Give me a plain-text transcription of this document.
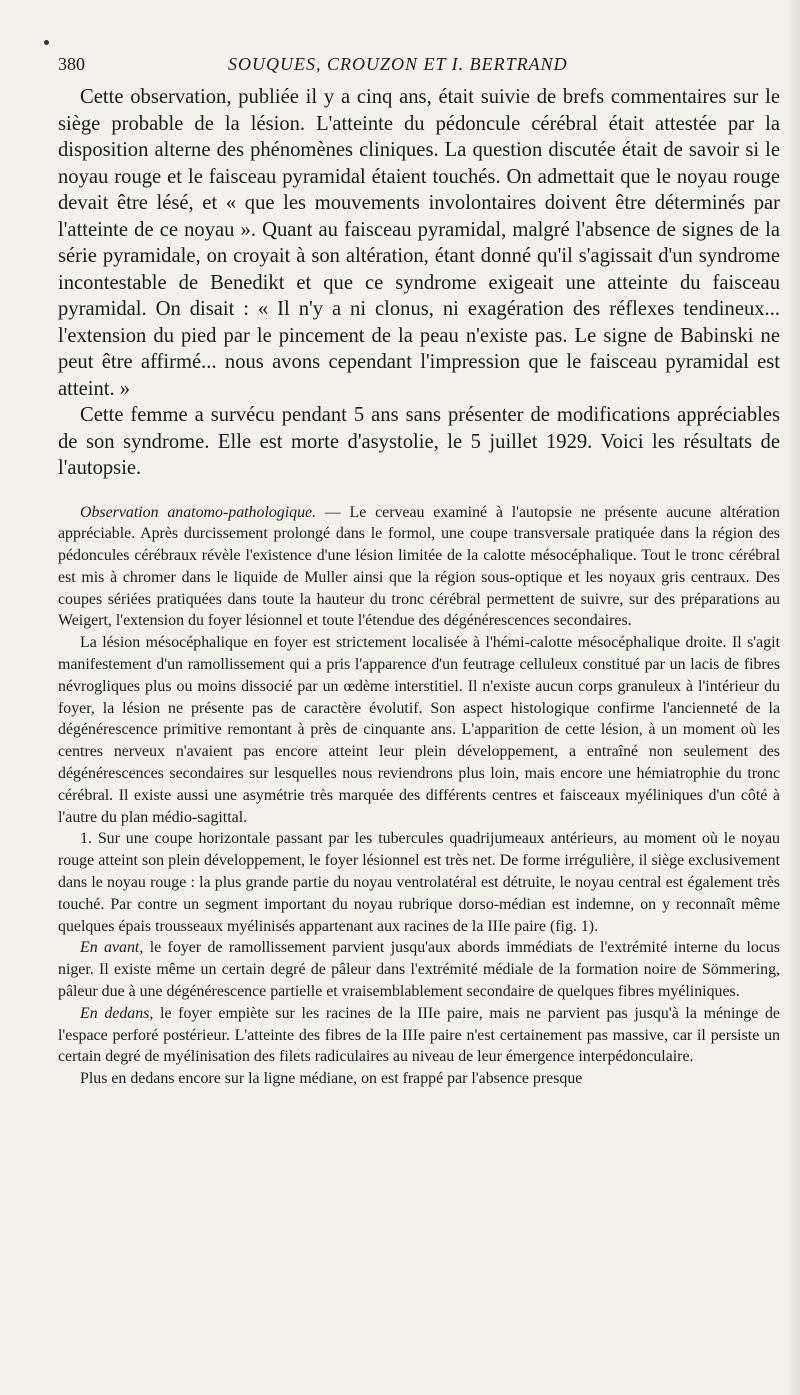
380	SOUQUES, CROUZON ET I. BERTRAND

Cette observation, publiée il y a cinq ans, était suivie de brefs commentaires sur le siège probable de la lésion. L'atteinte du pédoncule cérébral était attestée par la disposition alterne des phénomènes cliniques. La question discutée était de savoir si le noyau rouge et le faisceau pyramidal étaient touchés. On admettait que le noyau rouge devait être lésé, et « que les mouvements involontaires doivent être déterminés par l'atteinte de ce noyau ». Quant au faisceau pyramidal, malgré l'absence de signes de la série pyramidale, on croyait à son altération, étant donné qu'il s'agissait d'un syndrome incontestable de Benedikt et que ce syndrome exigeait une atteinte du faisceau pyramidal. On disait : « Il n'y a ni clonus, ni exagération des réflexes tendineux... l'extension du pied par le pincement de la peau n'existe pas. Le signe de Babinski ne peut être affirmé... nous avons cependant l'impression que le faisceau pyramidal est atteint. »

Cette femme a survécu pendant 5 ans sans présenter de modifications appréciables de son syndrome. Elle est morte d'asystolie, le 5 juillet 1929. Voici les résultats de l'autopsie.

Observation anatomo-pathologique. — Le cerveau examiné à l'autopsie ne présente aucune altération appréciable. Après durcissement prolongé dans le formol, une coupe transversale pratiquée dans la région des pédoncules cérébraux révèle l'existence d'une lésion limitée de la calotte mésocéphalique. Tout le tronc cérébral est mis à chromer dans le liquide de Muller ainsi que la région sous-optique et les noyaux gris centraux. Des coupes sériées pratiquées dans toute la hauteur du tronc cérébral permettent de suivre, sur des préparations au Weigert, l'extension du foyer lésionnel et toute l'étendue des dégénérescences secondaires.

La lésion mésocéphalique en foyer est strictement localisée à l'hémi-calotte mésocéphalique droite. Il s'agit manifestement d'un ramollissement qui a pris l'apparence d'un feutrage celluleux constitué par un lacis de fibres névrogliques plus ou moins dissocié par un œdème interstitiel. Il n'existe aucun corps granuleux à l'intérieur du foyer, la lésion ne présente pas de caractère évolutif. Son aspect histologique confirme l'ancienneté de la dégénérescence primitive remontant à près de cinquante ans. L'apparition de cette lésion, à un moment où les centres nerveux n'avaient pas encore atteint leur plein développement, a entraîné non seulement des dégénérescences secondaires sur lesquelles nous reviendrons plus loin, mais encore une hémiatrophie du tronc cérébral. Il existe aussi une asymétrie très marquée des différents centres et faisceaux myéliniques d'un côté à l'autre du plan médio-sagittal.

1. Sur une coupe horizontale passant par les tubercules quadrijumeaux antérieurs, au moment où le noyau rouge atteint son plein développement, le foyer lésionnel est très net. De forme irrégulière, il siège exclusivement dans le noyau rouge : la plus grande partie du noyau ventrolatéral est détruite, le noyau central est également très touché. Par contre un segment important du noyau rubrique dorso-médian est indemne, on y reconnaît même quelques épais trousseaux myélinisés appartenant aux racines de la IIIe paire (fig. 1).

En avant, le foyer de ramollissement parvient jusqu'aux abords immédiats de l'extrémité interne du locus niger. Il existe même un certain degré de pâleur dans l'extrémité médiale de la formation noire de Sömmering, pâleur due à une dégénérescence partielle et vraisemblablement secondaire de quelques fibres myéliniques.

En dedans, le foyer empiète sur les racines de la IIIe paire, mais ne parvient pas jusqu'à la méninge de l'espace perforé postérieur. L'atteinte des fibres de la IIIe paire n'est certainement pas massive, car il persiste un certain degré de myélinisation des filets radiculaires au niveau de leur émergence interpédonculaire.

Plus en dedans encore sur la ligne médiane, on est frappé par l'absence presque
